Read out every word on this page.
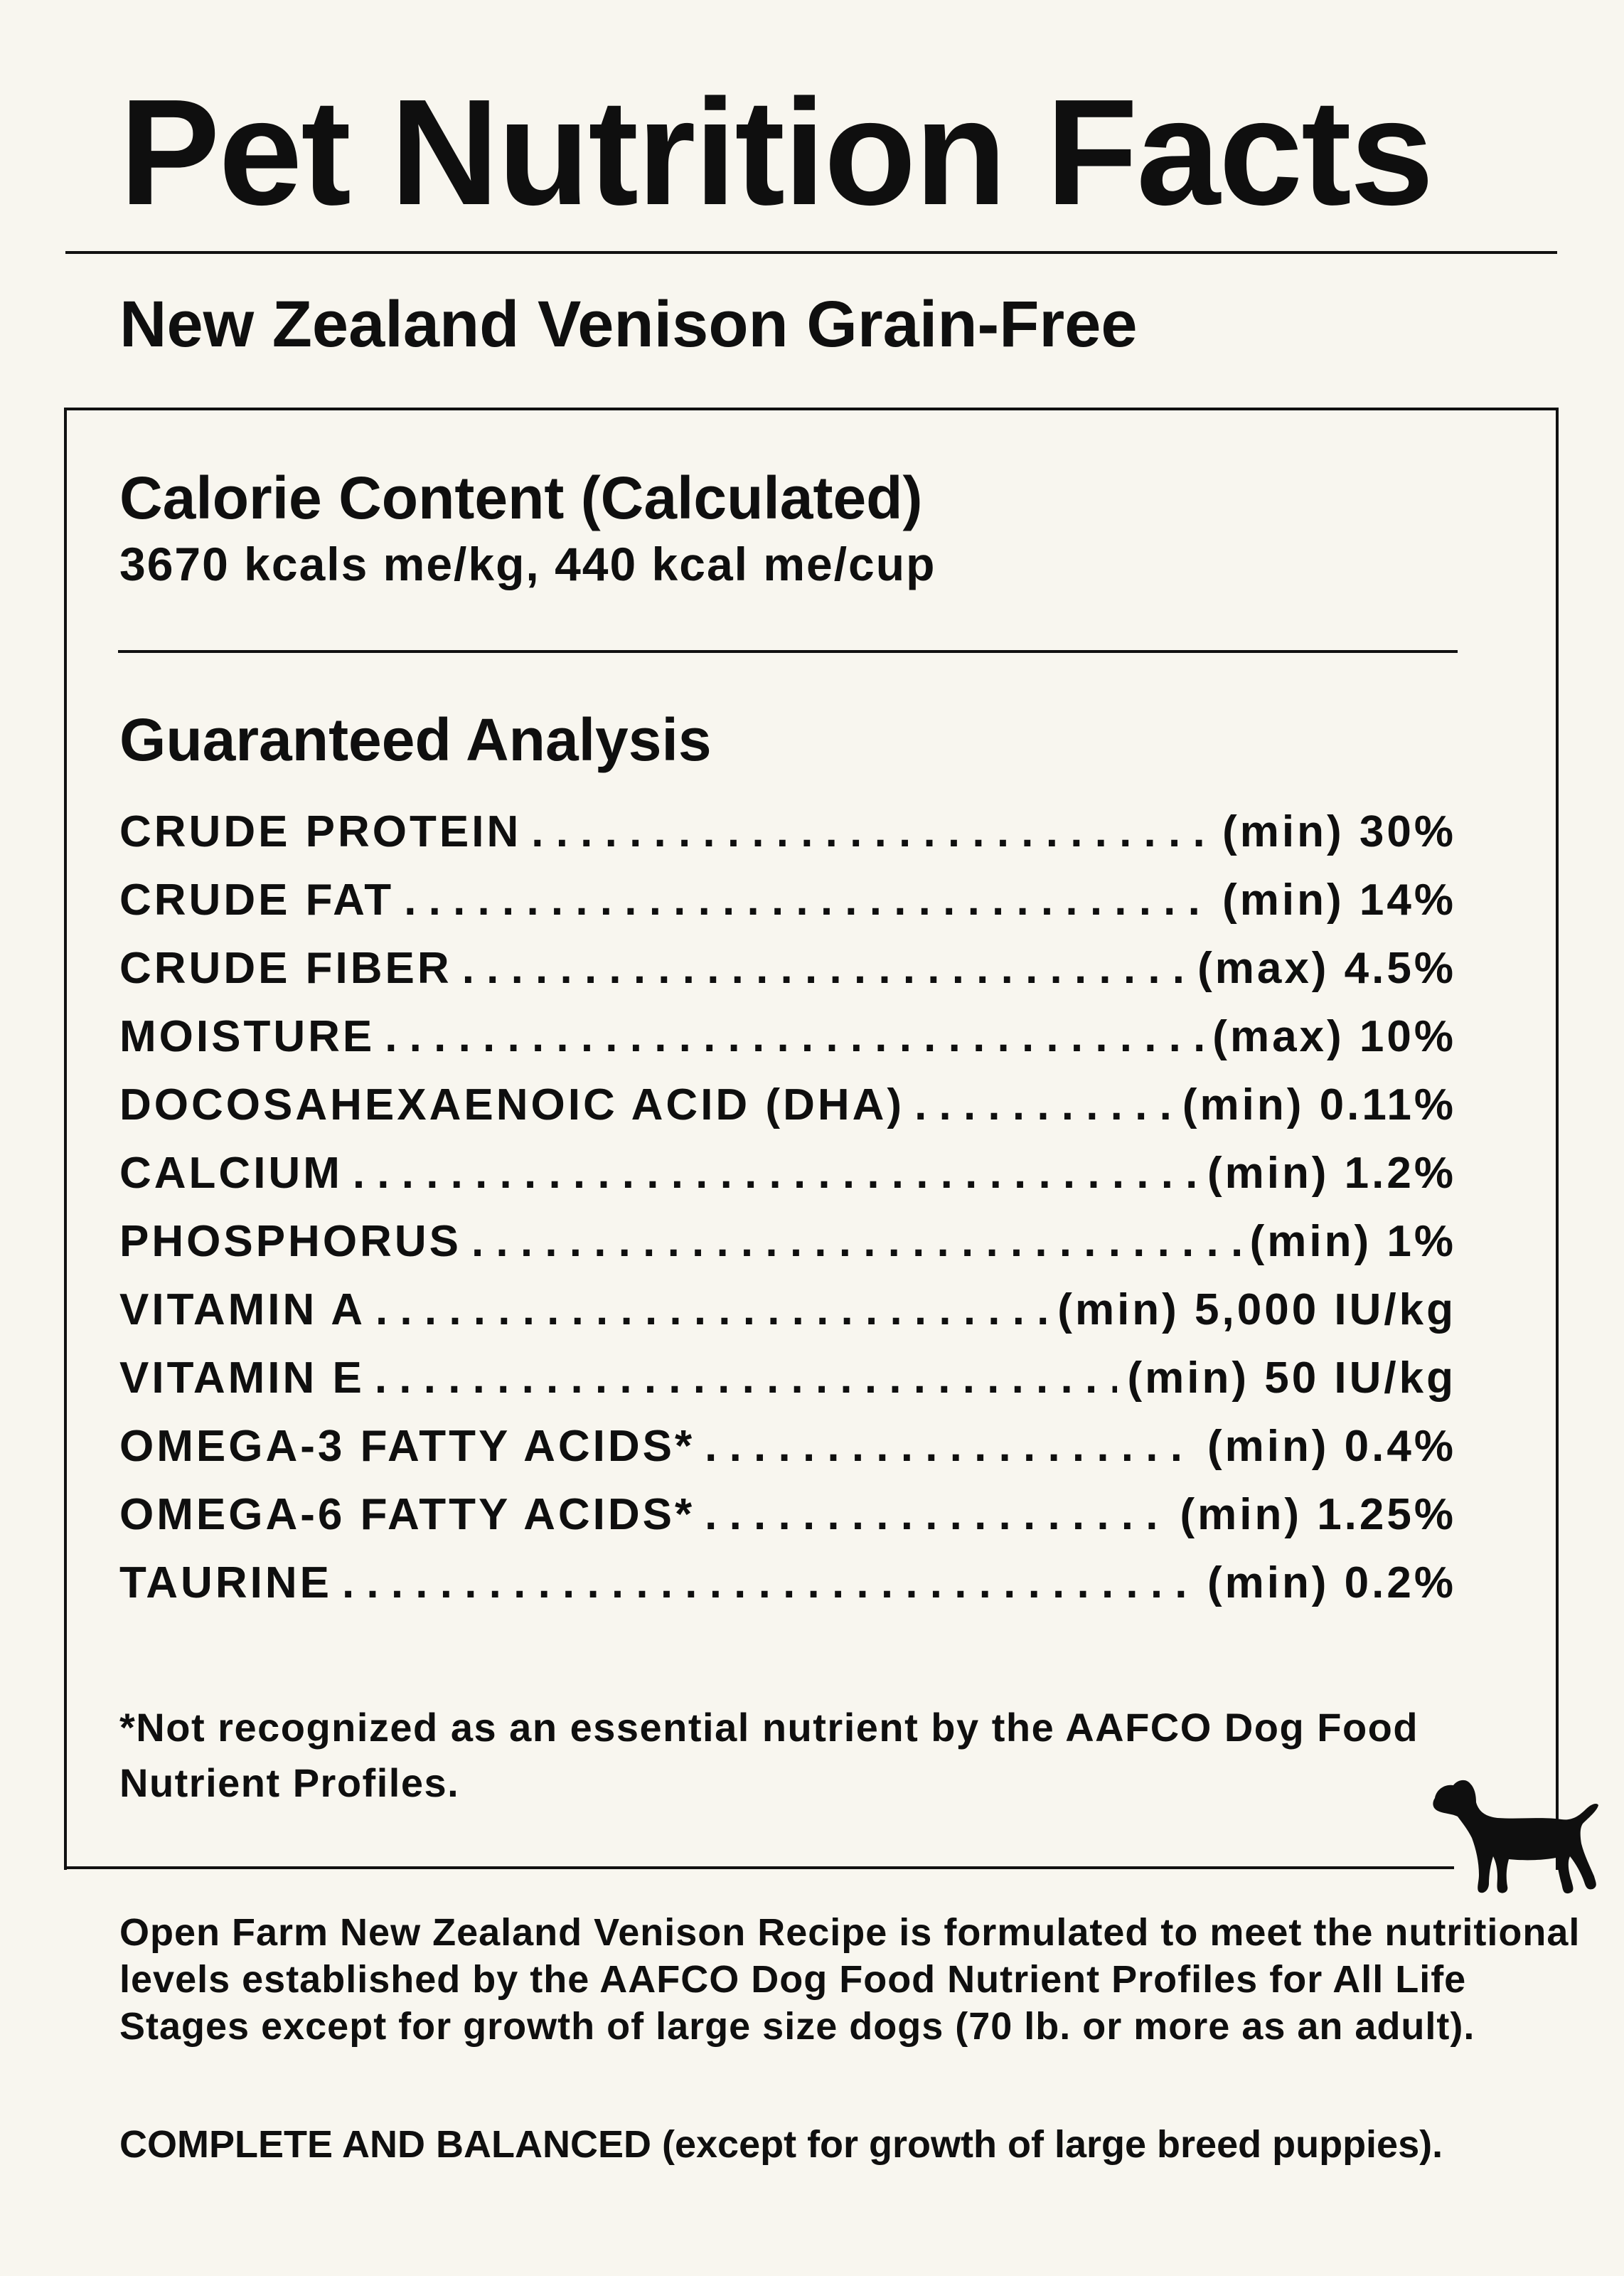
Pet Nutrition Facts
New Zealand Venison Grain-Free
Calorie Content (Calculated)
3670 kcals me/kg, 440 kcal me/cup
Guaranteed Analysis
CRUDE PROTEIN . . .	(min) 30%
CRUDE FAT . . .	(min) 14%
CRUDE FIBER . . .	(max) 4.5%
MOISTURE . . .	(max) 10%
DOCOSAHEXAENOIC ACID (DHA) . . .	(min) 0.11%
CALCIUM . . .	(min) 1.2%
PHOSPHORUS . . .	(min) 1%
VITAMIN A . . .	(min) 5,000 IU/kg
VITAMIN E . . .	(min) 50 IU/kg
OMEGA-3 FATTY ACIDS* . . .	(min) 0.4%
OMEGA-6 FATTY ACIDS* . . .	(min) 1.25%
TAURINE . . .	(min) 0.2%

*Not recognized as an essential nutrient by the AAFCO Dog Food Nutrient Profiles.

Open Farm New Zealand Venison Recipe is formulated to meet the nutritional levels established by the AAFCO Dog Food Nutrient Profiles for All Life Stages except for growth of large size dogs (70 lb. or more as an adult).

COMPLETE AND BALANCED (except for growth of large breed puppies).
